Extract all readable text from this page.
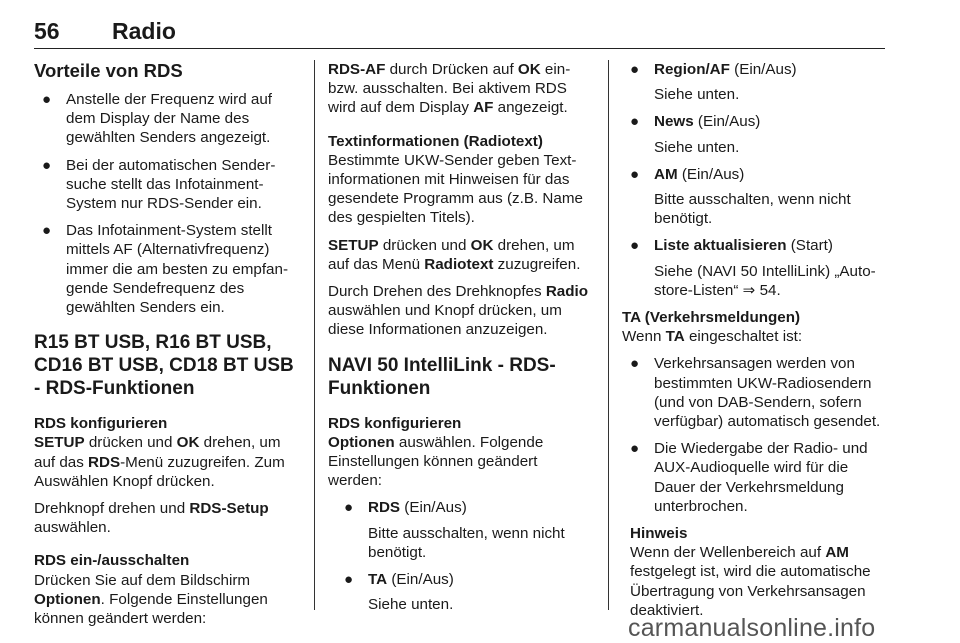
56 Radio
Vorteile von RDS
● Anstelle der Frequenz wird auf dem Display der Name des gewählten Senders angezeigt.
● Bei der automatischen Sendersuche stellt das Infotainment-System nur RDS-Sender ein.
● Das Infotainment-System stellt mittels AF (Alternativfrequenz) immer die am besten zu empfangende Sendefrequenz des gewählten Senders ein.
R15 BT USB, R16 BT USB, CD16 BT USB, CD18 BT USB - RDS-Funktionen
RDS konfigurieren

SETUP drücken und OK drehen, um auf das RDS-Menü zuzugreifen. Zum Auswählen Knopf drücken.

Drehknopf drehen und RDS-Setup auswählen.

RDS ein-/ausschalten

Drücken Sie auf dem Bildschirm Optionen. Folgende Einstellungen können geändert werden:

RDS-AF durch Drücken auf OK ein- bzw. ausschalten. Bei aktivem RDS wird auf dem Display AF angezeigt.

Textinformationen (Radiotext)

Bestimmte UKW-Sender geben Textinformationen mit Hinweisen für das gesendete Programm aus (z.B. Name des gespielten Titels).

SETUP drücken und OK drehen, um auf das Menü Radiotext zuzugreifen.

Durch Drehen des Drehknopfes Radio auswählen und Knopf drücken, um diese Informationen anzuzeigen.

NAVI 50 IntelliLink - RDS-Funktionen
RDS konfigurieren

Optionen auswählen. Folgende Einstellungen können geändert werden:

● RDS (Ein/Aus)
Bitte ausschalten, wenn nicht benötigt.
● TA (Ein/Aus)
Siehe unten.
● Region/AF (Ein/Aus)
Siehe unten.
● News (Ein/Aus)
Siehe unten.
● AM (Ein/Aus)
Bitte ausschalten, wenn nicht benötigt.
● Liste aktualisieren (Start)
Siehe (NAVI 50 IntelliLink) „Auto-store-Listen“ ⇒ 54.
TA (Verkehrsmeldungen)

Wenn TA eingeschaltet ist:

● Verkehrsansagen werden von bestimmten UKW-Radiosendern (und von DAB-Sendern, sofern verfügbar) automatisch gesendet.
● Die Wiedergabe der Radio- und AUX-Audioquelle wird für die Dauer der Verkehrsmeldung unterbrochen.
Hinweis

Wenn der Wellenbereich auf AM festgelegt ist, wird die automatische Übertragung von Verkehrsansagen deaktiviert.

carmanualsonline.info
